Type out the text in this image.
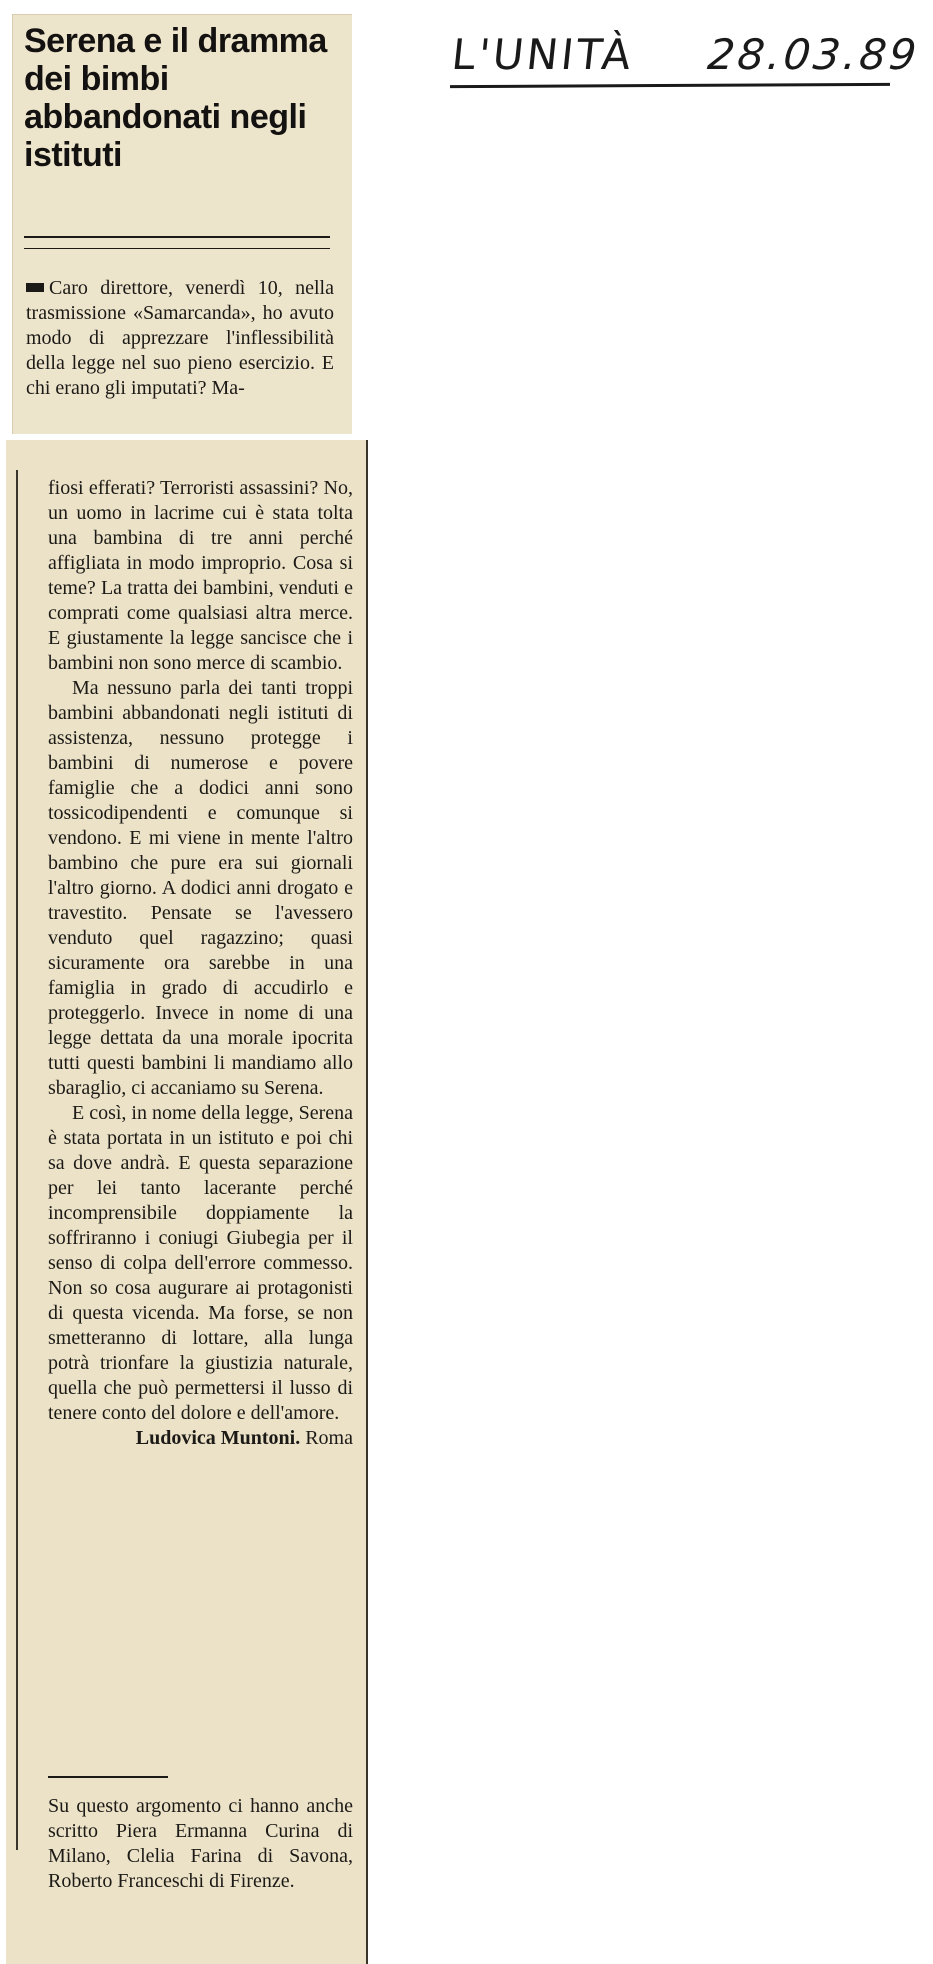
Serena e il dramma dei bimbi abbandonati negli istituti

Caro direttore, venerdì 10, nella trasmissione «Samarcanda», ho avuto modo di apprezzare l'inflessibilità della legge nel suo pieno esercizio. E chi erano gli imputati? Ma-

fiosi efferati? Terroristi assassini? No, un uomo in lacrime cui è stata tolta una bambina di tre anni perché affigliata in modo improprio. Cosa si teme? La tratta dei bambini, venduti e comprati come qualsiasi altra merce. E giustamente la legge sancisce che i bambini non sono merce di scambio.

Ma nessuno parla dei tanti troppi bambini abbandonati negli istituti di assistenza, nessuno protegge i bambini di numerose e povere famiglie che a dodici anni sono tossicodipendenti e comunque si vendono. E mi viene in mente l'altro bambino che pure era sui giornali l'altro giorno. A dodici anni drogato e travestito. Pensate se l'avessero venduto quel ragazzino; quasi sicuramente ora sarebbe in una famiglia in grado di accudirlo e proteggerlo. Invece in nome di una legge dettata da una morale ipocrita tutti questi bambini li mandiamo allo sbaraglio, ci accaniamo su Serena.

E così, in nome della legge, Serena è stata portata in un istituto e poi chi sa dove andrà. E questa separazione per lei tanto lacerante perché incomprensibile doppiamente la soffriranno i coniugi Giubegia per il senso di colpa dell'errore commesso. Non so cosa augurare ai protagonisti di questa vicenda. Ma forse, se non smetteranno di lottare, alla lunga potrà trionfare la giustizia naturale, quella che può permettersi il lusso di tenere conto del dolore e dell'amore.

Ludovica Muntoni. Roma

Su questo argomento ci hanno anche scritto Piera Ermanna Curina di Milano, Clelia Farina di Savona, Roberto Franceschi di Firenze.

L'UNITÀ 28.03.89
